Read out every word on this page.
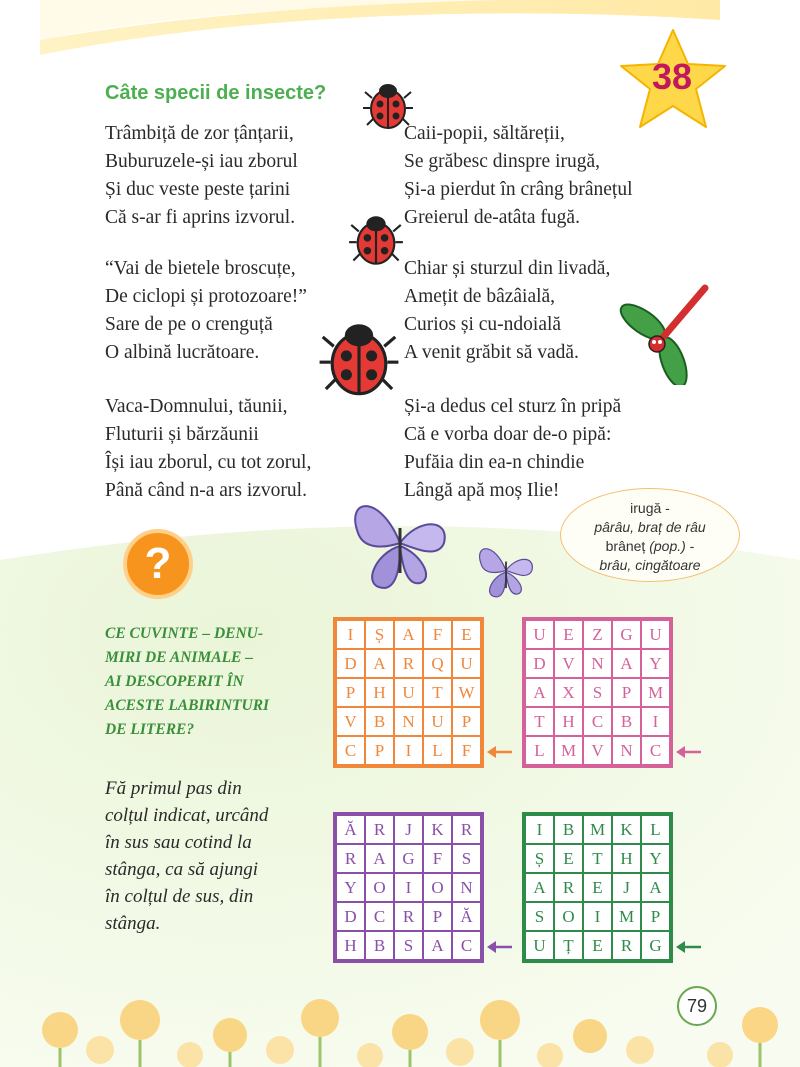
38
Câte specii de insecte?
Trâmbiță de zor țânțarii,
Buburuzele-și iau zborul
Și duc veste peste țarini
Că s-ar fi aprins izvorul.
“Vai de bietele broscuțe,
De ciclopi și protozoare!”
Sare de pe o crenguță
O albină lucrătoare.
Vaca-Domnului, tăunii,
Fluturii și bărzăunii
Își iau zborul, cu tot zorul,
Până când n-a ars izvorul.
Caii-popii, săltăreții,
Se grăbesc dinspre irugă,
Și-a pierdut în crâng brânețul
Greierul de-atâta fugă.
Chiar și sturzul din livadă,
Amețit de bâzâială,
Curios și cu-ndoială
A venit grăbit să vadă.
Și-a dedus cel sturz în pripă
Că e vorba doar de-o pipă:
Pufăia din ea-n chindie
Lângă apă moș Ilie!
irugă -
pârâu, braț de râu
brâneț (pop.) -
brâu, cingătoare
?
CE CUVINTE – DENU-
MIRI DE ANIMALE –
AI DESCOPERIT ÎN
ACESTE LABIRINTURI
DE LITERE?
Fă primul pas din
colțul indicat, urcând
în sus sau cotind la
stânga, ca să ajungi
în colțul de sus, din
stânga.
I	Ș	A	F	E
D A	R	Q U
P	H U	T W
V	B	N U	P
C	P	I	L	F
U	E	Z	G U
D V N A Y
A X	S	P M
T	H	C	B	I
L M V N	C
Ă	R	J	K	R
R	A G	F	S
Y O	I	O N
D	C	R	P	Ă
H	B	S	A	C
I	B M K	L
Ș	E	T	H Y
A	R	E	J	A
S	O	I	M P
U	Ț	E	R	G
79
